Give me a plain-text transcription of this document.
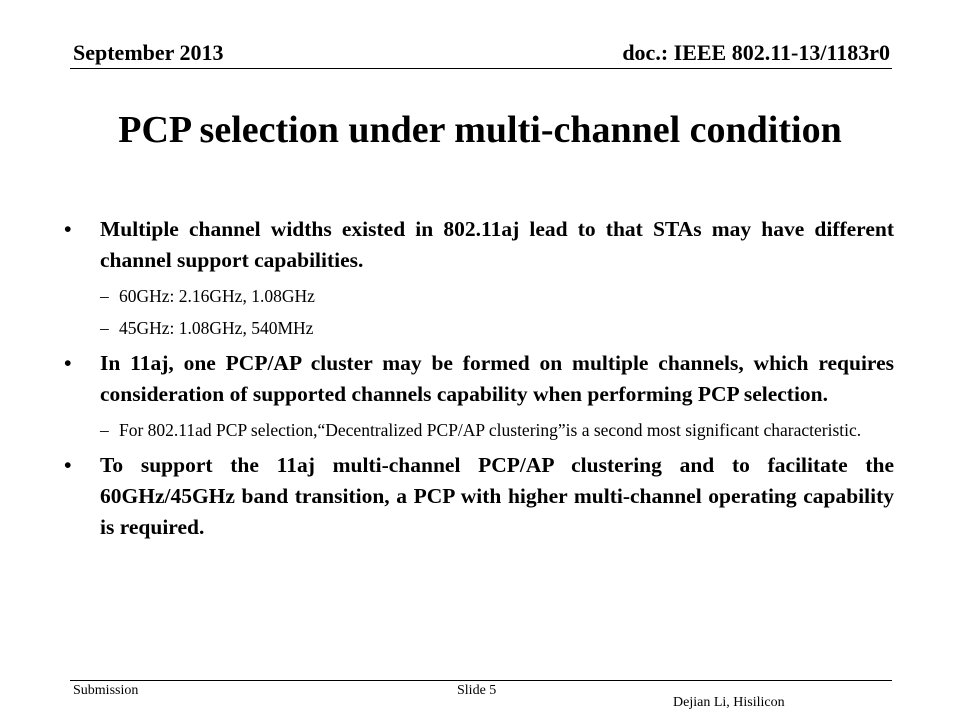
September 2013	doc.: IEEE 802.11-13/1183r0
PCP selection under multi-channel condition
• Multiple channel widths existed in 802.11aj lead to that STAs may have different channel support capabilities.
– 60GHz: 2.16GHz, 1.08GHz
– 45GHz: 1.08GHz, 540MHz
• In 11aj, one PCP/AP cluster may be formed on multiple channels, which requires consideration of supported channels capability when performing PCP selection.
– For 802.11ad PCP selection,“Decentralized PCP/AP clustering”is a second most significant characteristic.
• To support the 11aj multi-channel PCP/AP clustering and to facilitate the 60GHz/45GHz band transition, a PCP with higher multi-channel operating capability is required.
Submission	Slide 5
Dejian Li, Hisilicon
